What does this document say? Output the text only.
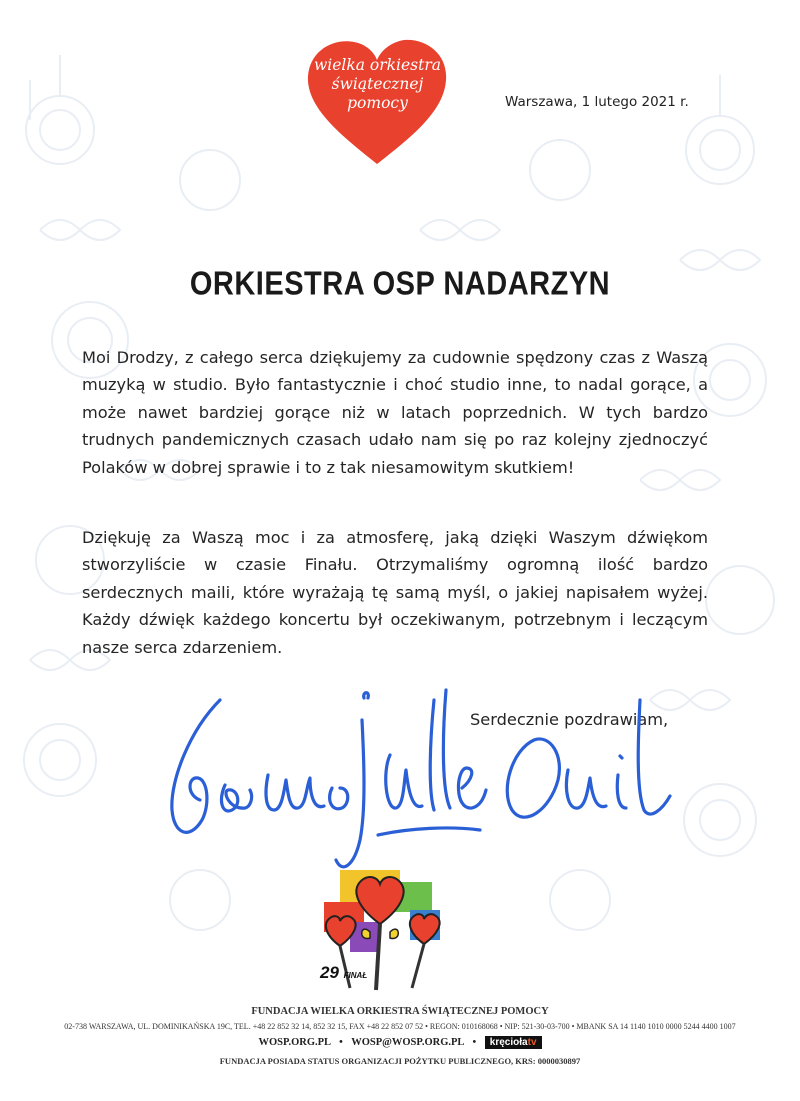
wielka orkiestra
świątecznej
pomocy	Warszawa, 1 lutego 2021 r.
ORKIESTRA OSP NADARZYN

Moi Drodzy, z całego serca dziękujemy za cudownie spędzony czas z Waszą muzyką w studio. Było fantastycznie i choć studio inne, to nadal gorące, a może nawet bardziej gorące niż w latach poprzednich. W tych bardzo trudnych pandemicznych czasach udało nam się po raz kolejny zjednoczyć Polaków w dobrej sprawie i to z tak niesamowitym skutkiem!

Dziękuję za Waszą moc i za atmosferę, jaką dzięki Waszym dźwiękom stworzyliście w czasie Finału. Otrzymaliśmy ogromną ilość bardzo serdecznych maili, które wyrażają tę samą myśl, o jakiej napisałem wyżej. Każdy dźwięk każdego koncertu był oczekiwanym, potrzebnym i leczącym nasze serca zdarzeniem.

Serdecznie pozdrawiam,
29 FINAŁ
FUNDACJA WIELKA ORKIESTRA ŚWIĄTECZNEJ POMOCY
02-738 WARSZAWA, UL. DOMINIKAŃSKA 19C, TEL. +48 22 852 32 14, 852 32 15, FAX +48 22 852 07 52 • REGON: 010168068 • NIP: 521-30-03-700 • MBANK SA 14 1140 1010 0000 5244 4400 1007
WOSP.ORG.PL • WOSP@WOSP.ORG.PL • kręciołatv
FUNDACJA POSIADA STATUS ORGANIZACJI POŻYTKU PUBLICZNEGO, KRS: 0000030897
